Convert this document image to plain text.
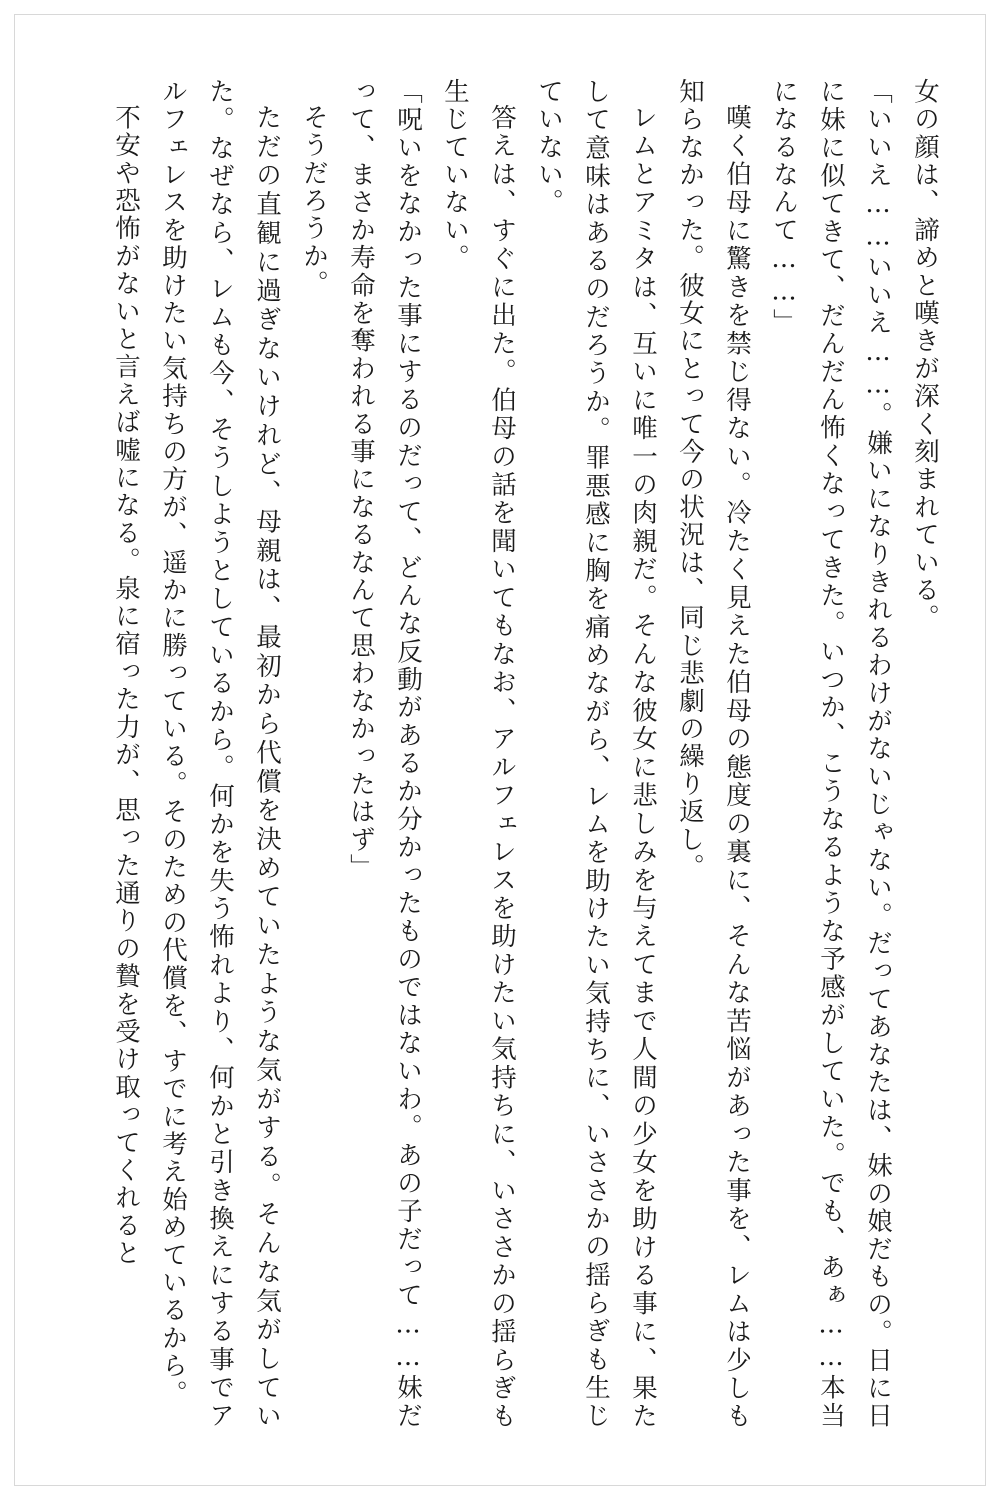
女の顔は、諦めと嘆きが深く刻まれている。

「いいえ……いいえ……。嫌いになりきれるわけがないじゃない。だってあなたは、妹の娘だもの。日に日に妹に似てきて、だんだん怖くなってきた。いつか、こうなるような予感がしていた。でも、あぁ……本当になるなんて……」

嘆く伯母に驚きを禁じ得ない。冷たく見えた伯母の態度の裏に、そんな苦悩があった事を、レムは少しも知らなかった。彼女にとって今の状況は、同じ悲劇の繰り返し。

レムとアミタは、互いに唯一の肉親だ。そんな彼女に悲しみを与えてまで人間の少女を助ける事に、果たして意味はあるのだろうか。罪悪感に胸を痛めながら、レムを助けたい気持ちに、いささかの揺らぎも生じていない。

答えは、すぐに出た。伯母の話を聞いてもなお、アルフェレスを助けたい気持ちに、いささかの揺らぎも生じていない。

「呪いをなかった事にするのだって、どんな反動があるか分かったものではないわ。あの子だって……妹だって、まさか寿命を奪われる事になるなんて思わなかったはず」

そうだろうか。

ただの直観に過ぎないけれど、母親は、最初から代償を決めていたような気がする。そんな気がしていた。なぜなら、レムも今、そうしようとしているから。何かを失う怖れより、何かと引き換えにする事でアルフェレスを助けたい気持ちの方が、遥かに勝っている。そのための代償を、すでに考え始めているから。

不安や恐怖がないと言えば嘘になる。泉に宿った力が、思った通りの贄を受け取ってくれると
